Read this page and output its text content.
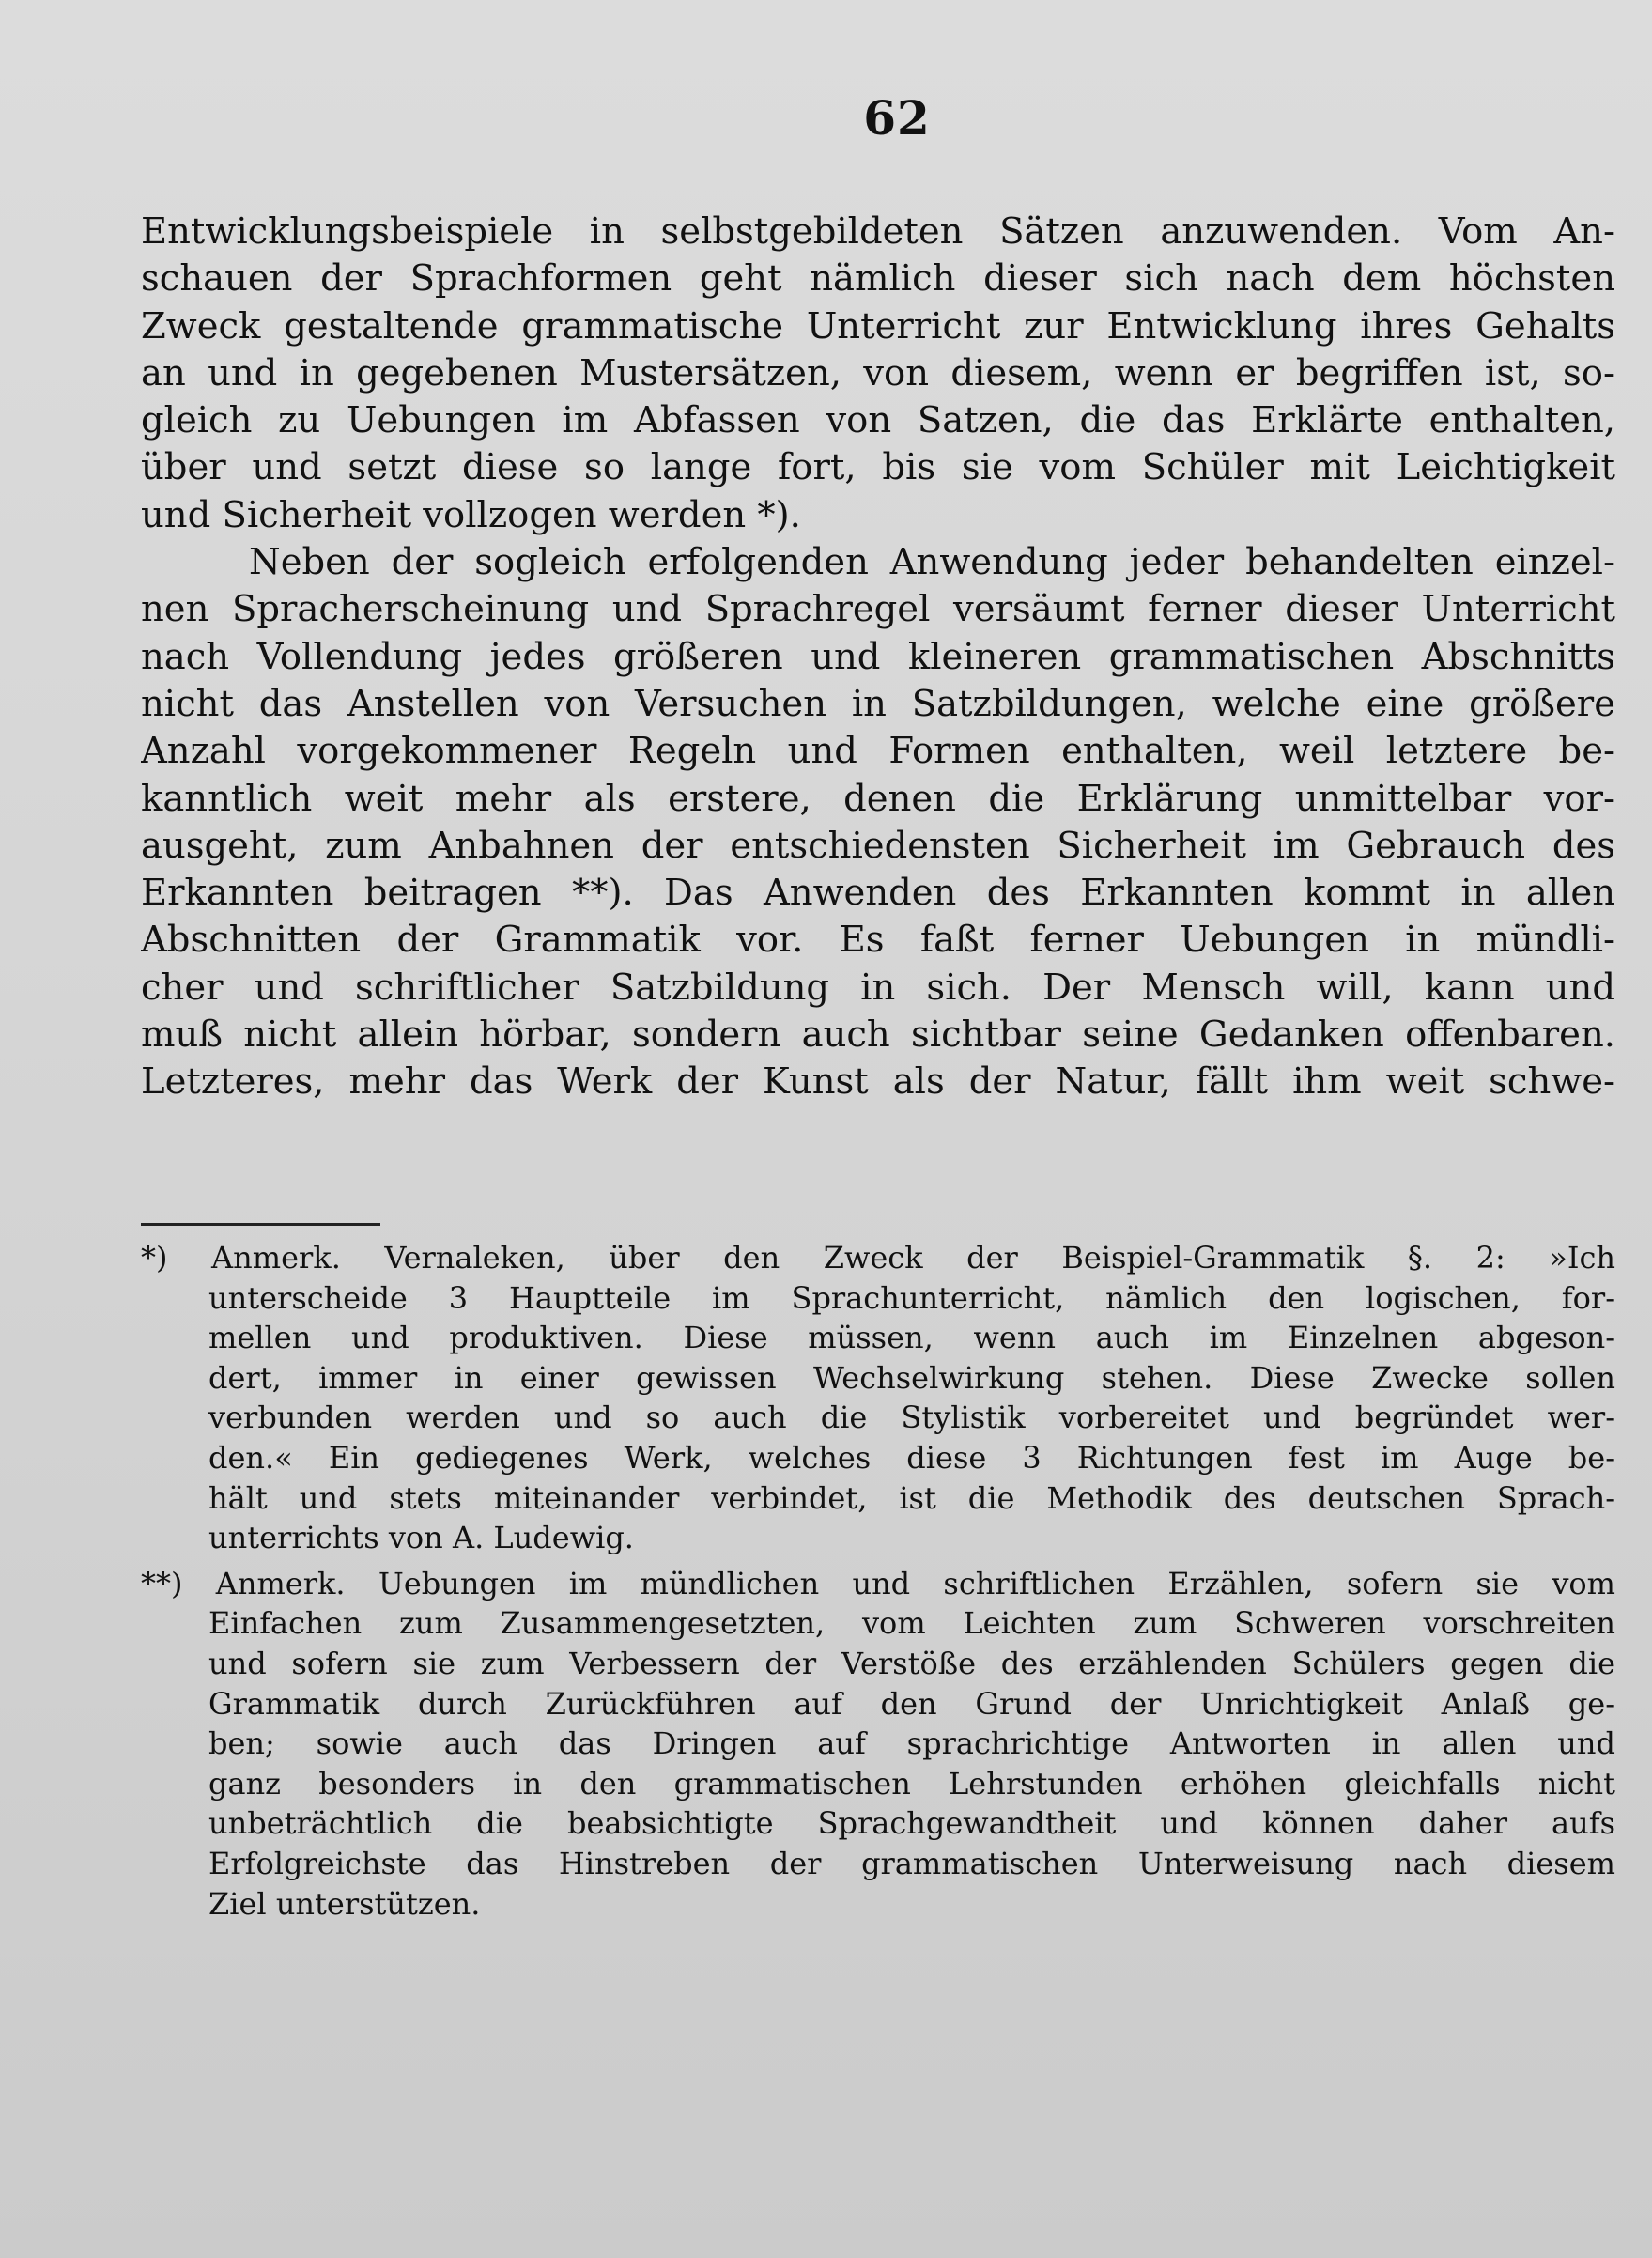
62
Entwicklungsbeispiele in selbstgebildeten Sätzen anzuwenden. Vom An-
schauen der Sprachformen geht nämlich dieser sich nach dem höchsten
Zweck gestaltende grammatische Unterricht zur Entwicklung ihres Gehalts
an und in gegebenen Mustersätzen, von diesem, wenn er begriffen ist, so-
gleich zu Uebungen im Abfassen von Satzen, die das Erklärte enthalten,
über und setzt diese so lange fort, bis sie vom Schüler mit Leichtigkeit
und Sicherheit vollzogen werden *).
Neben der sogleich erfolgenden Anwendung jeder behandelten einzel-
nen Spracherscheinung und Sprachregel versäumt ferner dieser Unterricht
nach Vollendung jedes größeren und kleineren grammatischen Abschnitts
nicht das Anstellen von Versuchen in Satzbildungen, welche eine größere
Anzahl vorgekommener Regeln und Formen enthalten, weil letztere be-
kanntlich weit mehr als erstere, denen die Erklärung unmittelbar vor-
ausgeht, zum Anbahnen der entschiedensten Sicherheit im Gebrauch des
Erkannten beitragen **). Das Anwenden des Erkannten kommt in allen
Abschnitten der Grammatik vor. Es faßt ferner Uebungen in mündli-
cher und schriftlicher Satzbildung in sich. Der Mensch will, kann und
muß nicht allein hörbar, sondern auch sichtbar seine Gedanken offenbaren.
Letzteres, mehr das Werk der Kunst als der Natur, fällt ihm weit schwe-
*) Anmerk. Vernaleken, über den Zweck der Beispiel-Grammatik §. 2: »Ich
unterscheide 3 Hauptteile im Sprachunterricht, nämlich den logischen, for-
mellen und produktiven. Diese müssen, wenn auch im Einzelnen abgeson-
dert, immer in einer gewissen Wechselwirkung stehen. Diese Zwecke sollen
verbunden werden und so auch die Stylistik vorbereitet und begründet wer-
den.« Ein gediegenes Werk, welches diese 3 Richtungen fest im Auge be-
hält und stets miteinander verbindet, ist die Methodik des deutschen Sprach-
unterrichts von A. Ludewig.
**) Anmerk. Uebungen im mündlichen und schriftlichen Erzählen, sofern sie vom
Einfachen zum Zusammengesetzten, vom Leichten zum Schweren vorschreiten
und sofern sie zum Verbessern der Verstöße des erzählenden Schülers gegen die
Grammatik durch Zurückführen auf den Grund der Unrichtigkeit Anlaß ge-
ben; sowie auch das Dringen auf sprachrichtige Antworten in allen und
ganz besonders in den grammatischen Lehrstunden erhöhen gleichfalls nicht
unbeträchtlich die beabsichtigte Sprachgewandtheit und können daher aufs
Erfolgreichste das Hinstreben der grammatischen Unterweisung nach diesem
Ziel unterstützen.
